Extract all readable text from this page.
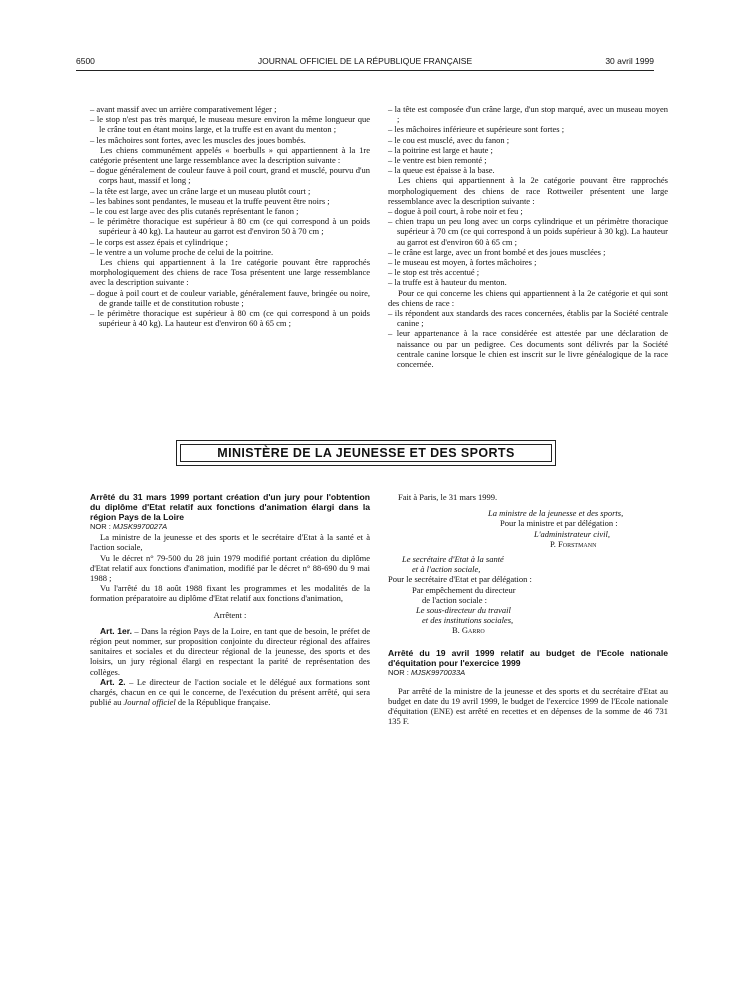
6500	JOURNAL OFFICIEL DE LA RÉPUBLIQUE FRANÇAISE	30 avril 1999

– avant massif avec un arrière comparativement léger ;

– le stop n'est pas très marqué, le museau mesure environ la même longueur que le crâne tout en étant moins large, et la truffe est en avant du menton ;

– les mâchoires sont fortes, avec les muscles des joues bombés.

Les chiens communément appelés « boerbulls » qui appartiennent à la 1re catégorie présentent une large ressemblance avec la description suivante :

– dogue généralement de couleur fauve à poil court, grand et musclé, pourvu d'un corps haut, massif et long ;

– la tête est large, avec un crâne large et un museau plutôt court ;

– les babines sont pendantes, le museau et la truffe peuvent être noirs ;

– le cou est large avec des plis cutanés représentant le fanon ;

– le périmètre thoracique est supérieur à 80 cm (ce qui correspond à un poids supérieur à 40 kg). La hauteur au garrot est d'environ 50 à 70 cm ;

– le corps est assez épais et cylindrique ;

– le ventre a un volume proche de celui de la poitrine.

Les chiens qui appartiennent à la 1re catégorie pouvant être rapprochés morphologiquement des chiens de race Tosa présentent une large ressemblance avec la description suivante :

– dogue à poil court et de couleur variable, généralement fauve, bringée ou noire, de grande taille et de constitution robuste ;

– le périmètre thoracique est supérieur à 80 cm (ce qui correspond à un poids supérieur à 40 kg). La hauteur est d'environ 60 à 65 cm ;

– la tête est composée d'un crâne large, d'un stop marqué, avec un museau moyen ;

– les mâchoires inférieure et supérieure sont fortes ;

– le cou est musclé, avec du fanon ;

– la poitrine est large et haute ;

– le ventre est bien remonté ;

– la queue est épaisse à la base.

Les chiens qui appartiennent à la 2e catégorie pouvant être rapprochés morphologiquement des chiens de race Rottweiler présentent une large ressemblance avec la description suivante :

– dogue à poil court, à robe noir et feu ;

– chien trapu un peu long avec un corps cylindrique et un périmètre thoracique supérieur à 70 cm (ce qui correspond à un poids supérieur à 30 kg). La hauteur au garrot est d'environ 60 à 65 cm ;

– le crâne est large, avec un front bombé et des joues musclées ;

– le museau est moyen, à fortes mâchoires ;

– le stop est très accentué ;

– la truffe est à hauteur du menton.

Pour ce qui concerne les chiens qui appartiennent à la 2e catégorie et qui sont des chiens de race :

– ils répondent aux standards des races concernées, établis par la Société centrale canine ;

– leur appartenance à la race considérée est attestée par une déclaration de naissance ou par un pedigree. Ces documents sont délivrés par la Société centrale canine lorsque le chien est inscrit sur le livre généalogique de la race concernée.

MINISTÈRE DE LA JEUNESSE ET DES SPORTS

Arrêté du 31 mars 1999 portant création d'un jury pour l'obtention du diplôme d'Etat relatif aux fonctions d'animation élargi dans la région Pays de la Loire

NOR : MJSK9970027A

La ministre de la jeunesse et des sports et le secrétaire d'Etat à la santé et à l'action sociale,

Vu le décret n° 79-500 du 28 juin 1979 modifié portant création du diplôme d'Etat relatif aux fonctions d'animation, modifié par le décret n° 88-690 du 9 mai 1988 ;

Vu l'arrêté du 18 août 1988 fixant les programmes et les modalités de la formation préparatoire au diplôme d'Etat relatif aux fonctions d'animation,

Arrêtent :

Art. 1er. – Dans la région Pays de la Loire, en tant que de besoin, le préfet de région peut nommer, sur proposition conjointe du directeur régional des affaires sanitaires et sociales et du directeur régional de la jeunesse, des sports et des loisirs, un jury régional élargi en respectant la parité de représentation des collèges.

Art. 2. – Le directeur de l'action sociale et le délégué aux formations sont chargés, chacun en ce qui le concerne, de l'exécution du présent arrêté, qui sera publié au Journal officiel de la République française.

Fait à Paris, le 31 mars 1999.

La ministre de la jeunesse et des sports,

Pour la ministre et par délégation :

L'administrateur civil,

P. Forstmann

Le secrétaire d'Etat à la santé

et à l'action sociale,

Pour le secrétaire d'Etat et par délégation :

Par empêchement du directeur

de l'action sociale :

Le sous-directeur du travail

et des institutions sociales,

B. Garro

Arrêté du 19 avril 1999 relatif au budget de l'Ecole nationale d'équitation pour l'exercice 1999

NOR : MJSK9970033A

Par arrêté de la ministre de la jeunesse et des sports et du secrétaire d'Etat au budget en date du 19 avril 1999, le budget de l'exercice 1999 de l'Ecole nationale d'équitation (ENE) est arrêté en recettes et en dépenses de la somme de 46 731 135 F.
